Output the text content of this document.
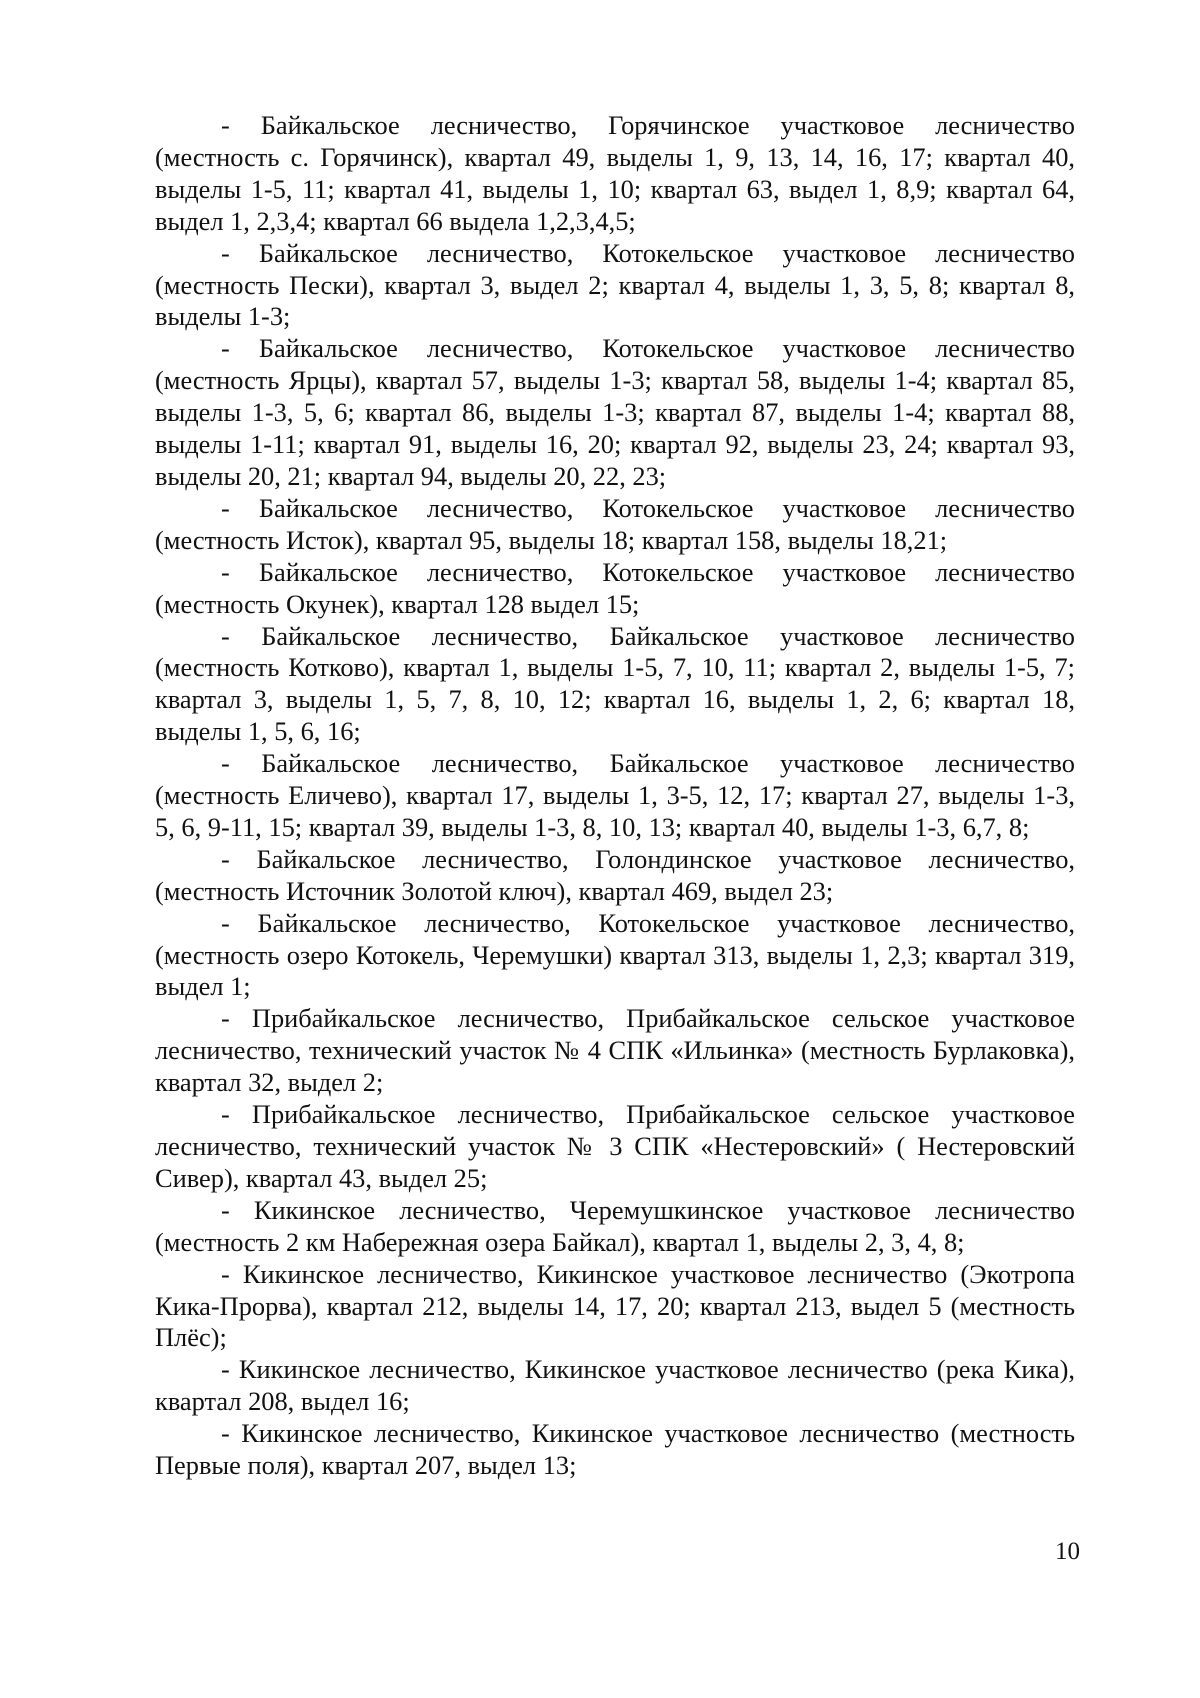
- Байкальское лесничество, Горячинское участковое лесничество (местность с. Горячинск), квартал 49, выделы 1, 9, 13, 14, 16, 17; квартал 40, выделы 1-5, 11; квартал 41, выделы 1, 10; квартал 63, выдел 1, 8,9; квартал 64, выдел 1, 2,3,4; квартал 66 выдела 1,2,3,4,5;

- Байкальское лесничество, Котокельское участковое лесничество (местность Пески), квартал 3, выдел 2; квартал 4, выделы 1, 3, 5, 8; квартал 8, выделы 1-3;

- Байкальское лесничество, Котокельское участковое лесничество (местность Ярцы), квартал 57, выделы 1-3; квартал 58, выделы 1-4; квартал 85, выделы 1-3, 5, 6; квартал 86, выделы 1-3; квартал 87, выделы 1-4; квартал 88, выделы 1-11; квартал 91, выделы 16, 20; квартал 92, выделы 23, 24; квартал 93, выделы 20, 21; квартал 94, выделы 20, 22, 23;

- Байкальское лесничество, Котокельское участковое лесничество (местность Исток), квартал 95, выделы 18; квартал 158, выделы 18,21;

- Байкальское лесничество, Котокельское участковое лесничество (местность Окунек), квартал 128 выдел 15;

- Байкальское лесничество, Байкальское участковое лесничество (местность Котково), квартал 1, выделы 1-5, 7, 10, 11; квартал 2, выделы 1-5, 7; квартал 3, выделы 1, 5, 7, 8, 10, 12; квартал 16, выделы 1, 2, 6; квартал 18, выделы 1, 5, 6, 16;

- Байкальское лесничество, Байкальское участковое лесничество (местность Еличево), квартал 17, выделы 1, 3-5, 12, 17; квартал 27, выделы 1-3, 5, 6, 9-11, 15; квартал 39, выделы 1-3, 8, 10, 13; квартал 40, выделы 1-3, 6,7, 8;

- Байкальское лесничество, Голондинское участковое лесничество, (местность Источник Золотой ключ), квартал 469, выдел 23;

- Байкальское лесничество, Котокельское участковое лесничество, (местность озеро Котокель, Черемушки) квартал 313, выделы 1, 2,3; квартал 319, выдел 1;

- Прибайкальское лесничество, Прибайкальское сельское участковое лесничество, технический участок № 4 СПК «Ильинка» (местность Бурлаковка), квартал 32, выдел 2;

- Прибайкальское лесничество, Прибайкальское сельское участковое лесничество, технический участок № 3 СПК «Нестеровский» ( Нестеровский Сивер), квартал 43, выдел 25;

- Кикинское лесничество, Черемушкинское участковое лесничество (местность 2 км Набережная озера Байкал), квартал 1, выделы 2, 3, 4, 8;

- Кикинское лесничество, Кикинское участковое лесничество (Экотропа Кика-Прорва), квартал 212, выделы 14, 17, 20; квартал 213, выдел 5 (местность Плёс);

- Кикинское лесничество, Кикинское участковое лесничество (река Кика), квартал 208, выдел 16;

- Кикинское лесничество, Кикинское участковое лесничество (местность Первые поля), квартал 207, выдел 13;

10
